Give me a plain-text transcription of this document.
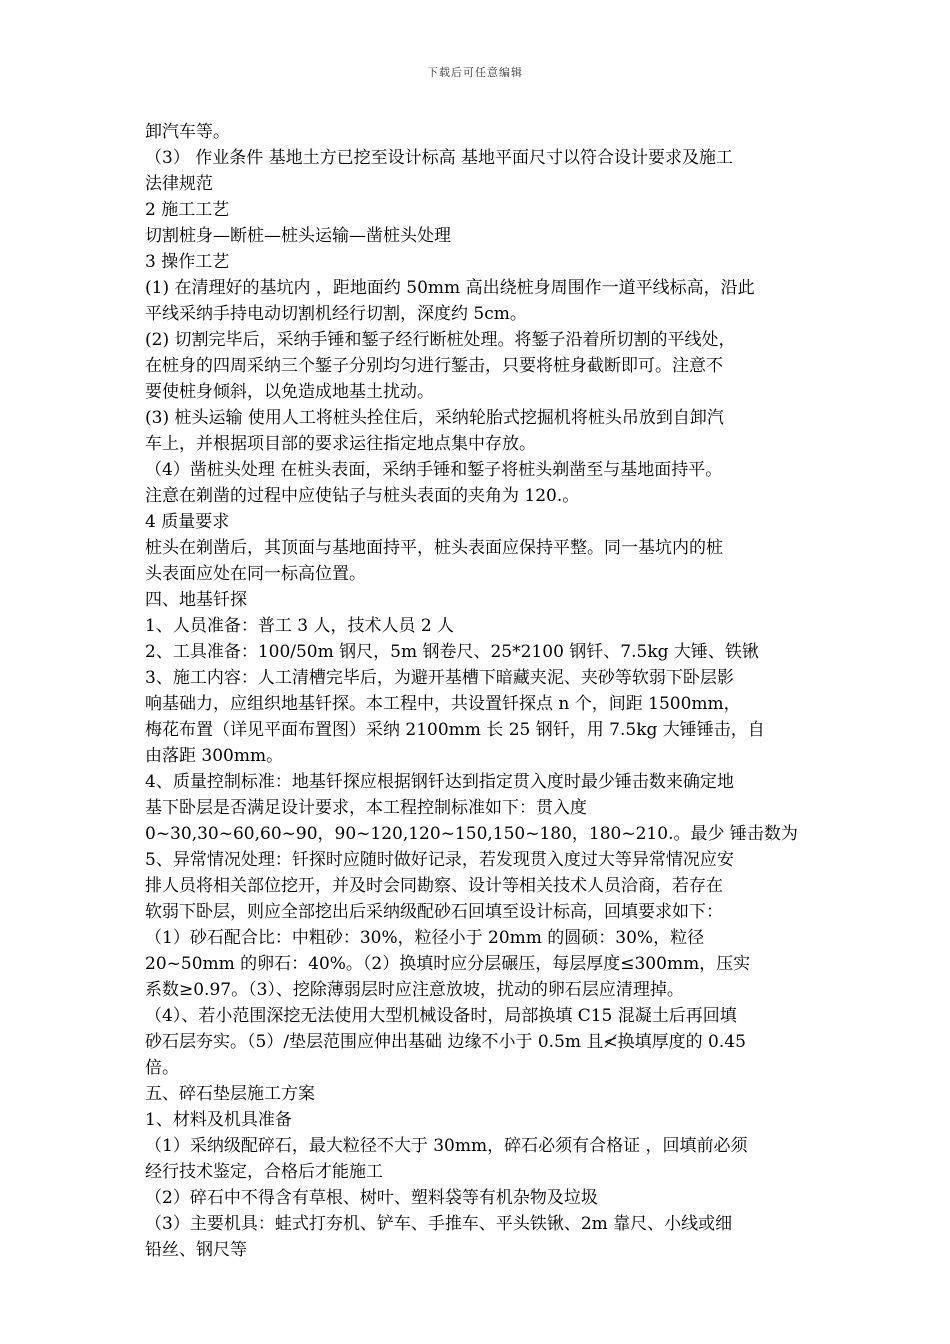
下载后可任意编辑
卸汽车等。
（3） 作业条件 基地土方已挖至设计标高 基地平面尺寸以符合设计要求及施工
法律规范
2 施工工艺
切割桩身—断桩—桩头运输—凿桩头处理
3 操作工艺
(1) 在清理好的基坑内 ，距地面约 50mm 高出绕桩身周围作一道平线标高，沿此
平线采纳手持电动切割机经行切割，深度约 5cm。
(2) 切割完毕后，采纳手锤和錾子经行断桩处理。将錾子沿着所切割的平线处，
在桩身的四周采纳三个錾子分别均匀进行錾击，只要将桩身截断即可。注意不
要使桩身倾斜，以免造成地基土扰动。
(3) 桩头运输 使用人工将桩头拴住后，采纳轮胎式挖掘机将桩头吊放到自卸汽
车上，并根据项目部的要求运往指定地点集中存放。
（4）凿桩头处理 在桩头表面，采纳手锤和錾子将桩头剃凿至与基地面持平。
注意在剃凿的过程中应使钻子与桩头表面的夹角为 120.。
4 质量要求
桩头在剃凿后，其顶面与基地面持平，桩头表面应保持平整。同一基坑内的桩
头表面应处在同一标高位置。
四、地基钎探
1、人员准备：普工 3 人，技术人员 2 人
2、工具准备：100/50m 钢尺，5m 钢卷尺、25*2100 钢钎、7.5kg 大锤、铁锹
3、施工内容：人工清槽完毕后，为避开基槽下暗藏夹泥、夹砂等软弱下卧层影
响基础力，应组织地基钎探。本工程中，共设置钎探点 n 个，间距 1500mm，
梅花布置（详见平面布置图）采纳 2100mm 长 25 钢钎，用 7.5kg 大锤锤击，自
由落距 300mm。
4、质量控制标准：地基钎探应根据钢钎达到指定贯入度时最少锤击数来确定地
基下卧层是否满足设计要求，本工程控制标准如下：贯入度
0~30,30~60,60~90，90~120,120~150,150~180，180~210.。最少 锤击数为
5、异常情况处理：钎探时应随时做好记录，若发现贯入度过大等异常情况应安
排人员将相关部位挖开，并及时会同勘察、设计等相关技术人员洽商，若存在
软弱下卧层，则应全部挖出后采纳级配砂石回填至设计标高，回填要求如下：
（1）砂石配合比：中粗砂：30%，粒径小于 20mm 的圆硕：30%，粒径
20~50mm 的卵石：40%。（2）换填时应分层碾压，每层厚度≤300mm，压实
系数≥0.97。（3）、挖除薄弱层时应注意放坡，扰动的卵石层应清理掉。
（4）、若小范围深挖无法使用大型机械设备时，局部换填 C15 混凝土后再回填
砂石层夯实。（5）/垫层范围应伸出基础 边缘不小于 0.5m 且≮换填厚度的 0.45
倍。
五、碎石垫层施工方案
1、材料及机具准备
（1）采纳级配碎石，最大粒径不大于 30mm，碎石必须有合格证 ，回填前必须
经行技术鉴定，合格后才能施工
（2）碎石中不得含有草根、树叶、塑料袋等有机杂物及垃圾
（3）主要机具：蛙式打夯机、铲车、手推车、平头铁锹、2m 靠尺、小线或细
铅丝、钢尺等
